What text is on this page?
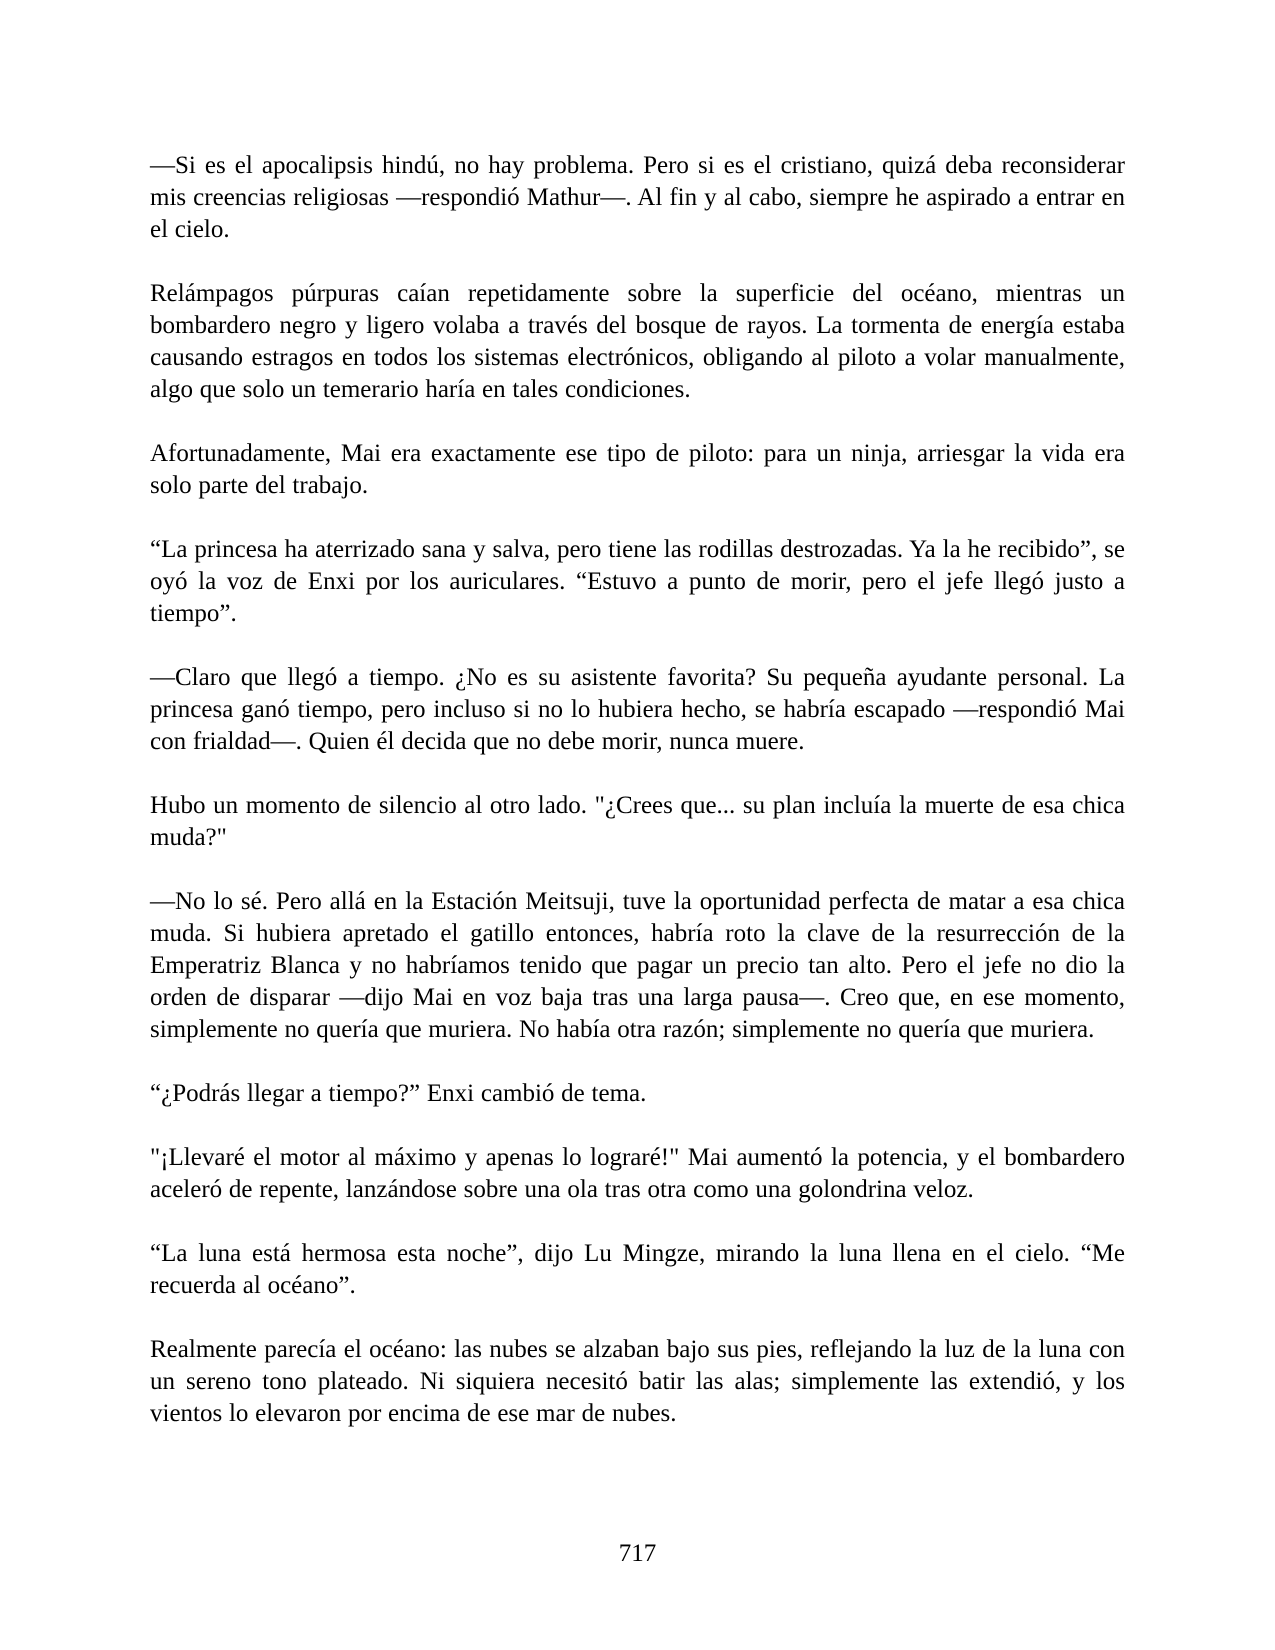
—Si es el apocalipsis hindú, no hay problema. Pero si es el cristiano, quizá deba reconsiderar mis creencias religiosas —respondió Mathur—. Al fin y al cabo, siempre he aspirado a entrar en el cielo.

Relámpagos púrpuras caían repetidamente sobre la superficie del océano, mientras un bombardero negro y ligero volaba a través del bosque de rayos. La tormenta de energía estaba causando estragos en todos los sistemas electrónicos, obligando al piloto a volar manualmente, algo que solo un temerario haría en tales condiciones.

Afortunadamente, Mai era exactamente ese tipo de piloto: para un ninja, arriesgar la vida era solo parte del trabajo.

“La princesa ha aterrizado sana y salva, pero tiene las rodillas destrozadas. Ya la he recibido”, se oyó la voz de Enxi por los auriculares. “Estuvo a punto de morir, pero el jefe llegó justo a tiempo”.

—Claro que llegó a tiempo. ¿No es su asistente favorita? Su pequeña ayudante personal. La princesa ganó tiempo, pero incluso si no lo hubiera hecho, se habría escapado —respondió Mai con frialdad—. Quien él decida que no debe morir, nunca muere.

Hubo un momento de silencio al otro lado. "¿Crees que... su plan incluía la muerte de esa chica muda?"

—No lo sé. Pero allá en la Estación Meitsuji, tuve la oportunidad perfecta de matar a esa chica muda. Si hubiera apretado el gatillo entonces, habría roto la clave de la resurrección de la Emperatriz Blanca y no habríamos tenido que pagar un precio tan alto. Pero el jefe no dio la orden de disparar —dijo Mai en voz baja tras una larga pausa—. Creo que, en ese momento, simplemente no quería que muriera. No había otra razón; simplemente no quería que muriera.

“¿Podrás llegar a tiempo?” Enxi cambió de tema.

"¡Llevaré el motor al máximo y apenas lo lograré!" Mai aumentó la potencia, y el bombardero aceleró de repente, lanzándose sobre una ola tras otra como una golondrina veloz.

“La luna está hermosa esta noche”, dijo Lu Mingze, mirando la luna llena en el cielo. “Me recuerda al océano”.

Realmente parecía el océano: las nubes se alzaban bajo sus pies, reflejando la luz de la luna con un sereno tono plateado. Ni siquiera necesitó batir las alas; simplemente las extendió, y los vientos lo elevaron por encima de ese mar de nubes.

717
